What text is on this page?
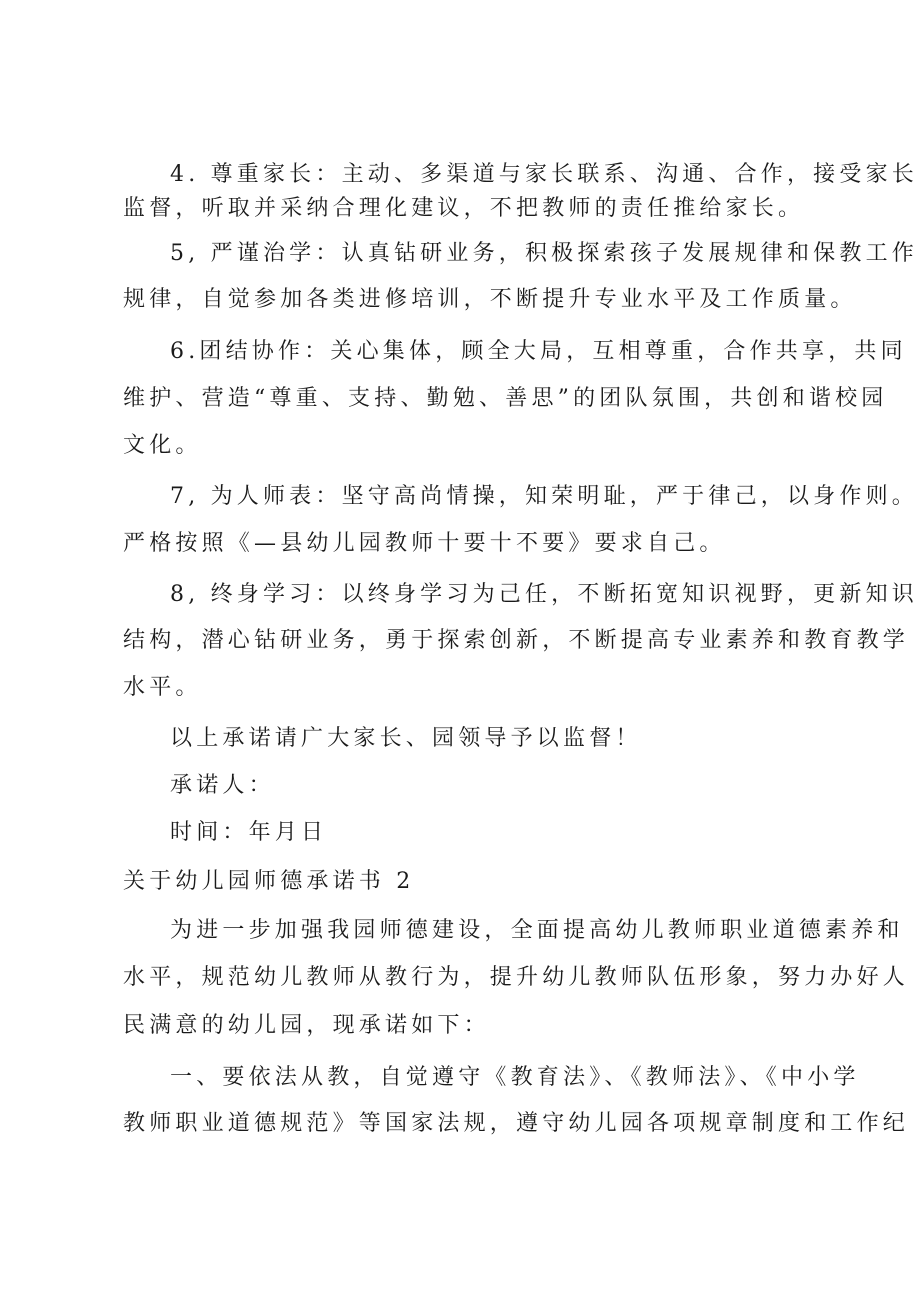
4. 尊重家长：主动、多渠道与家长联系、沟通、合作，接受家长
监督，听取并采纳合理化建议，不把教师的责任推给家长。
5, 严谨治学：认真钻研业务，积极探索孩子发展规律和保教工作
规律，自觉参加各类进修培训，不断提升专业水平及工作质量。
6.团结协作：关心集体，顾全大局，互相尊重，合作共享，共同
维护、营造“尊重、支持、勤勉、善思”的团队氛围，共创和谐校园
文化。
7, 为人师表：坚守高尚情操，知荣明耻，严于律己，以身作则。
严格按照《—县幼儿园教师十要十不要》要求自己。
8, 终身学习：以终身学习为己任，不断拓宽知识视野，更新知识
结构，潜心钻研业务，勇于探索创新，不断提高专业素养和教育教学
水平。
以上承诺请广大家长、园领导予以监督！
承诺人：
时间：年月日
关于幼儿园师德承诺书 2
为进一步加强我园师德建设，全面提高幼儿教师职业道德素养和
水平，规范幼儿教师从教行为，提升幼儿教师队伍形象，努力办好人
民满意的幼儿园，现承诺如下：
一、要依法从教，自觉遵守《教育法》、《教师法》、《中小学
教师职业道德规范》等国家法规，遵守幼儿园各项规章制度和工作纪
